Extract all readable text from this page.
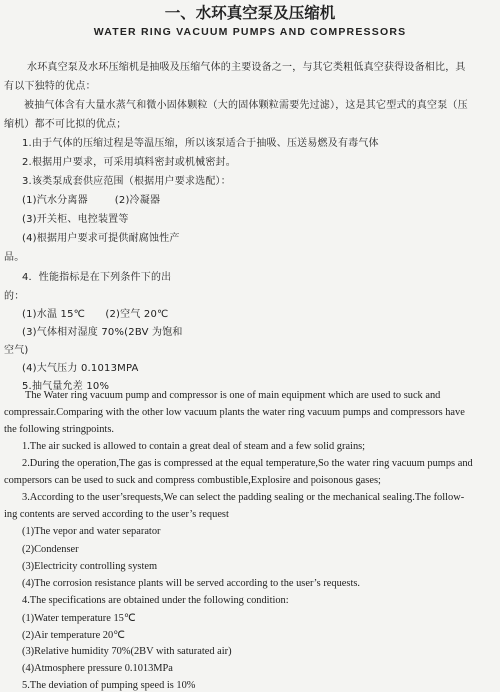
一、水环真空泵及压缩机
WATER RING VACUUM PUMPS AND COMPRESSORS
水环真空泵及水环压缩机是抽吸及压缩气体的主要设备之一，与其它类粗低真空获得设备相比，具
有以下独特的优点：
被抽气体含有大量水蒸气和微小固体颗粒（大的固体颗粒需要先过滤），这是其它型式的真空泵（压
缩机）都不可比拟的优点；
1.由于气体的压缩过程是等温压缩，所以该泵适合于抽吸、压送易燃及有毒气体
2.根据用户要求，可采用填料密封或机械密封。
3.该类泵成套供应范围（根据用户要求选配）：
(1)汽水分离器        (2)冷凝器
(3)开关柜、电控装置等
(4)根据用户要求可提供耐腐蚀性产
品。
4．性能指标是在下列条件下的出
的：
(1)水温 15℃      (2)空气 20℃
(3)气体相对湿度 70%(2BV 为饱和
空气)
(4)大气压力 0.1013MPA
5.抽气量允差 10%
The Water ring vacuum pump and compressor is one of main equipment which are used to suck and
compressair.Comparing with the other low vacuum plants the water ring vacuum pumps and compressors have
the following stringpoints.
1.The air sucked is allowed to contain a great deal of steam and a few solid grains;
2.During the operation,The gas is compressed at the equal temperature,So the water ring vacuum pumps and
compersors can be used to suck and compress combustible,Explosire and poisonous gases;
3.According to the user’srequests,We can select the padding sealing or the mechanical sealing.The follow-
ing contents are served according to the user’s request
(1)The vepor and water separator
(2)Condenser
(3)Electricity controlling system
(4)The corrosion resistance plants will be served according to the user’s requests.
4.The specifications are obtained under the following condition:
(1)Water temperature 15℃
(2)Air temperature 20℃
(3)Relative humidity 70%(2BV with saturated air)
(4)Atmosphere pressure 0.1013MPa
5.The deviation of pumping speed is 10%
